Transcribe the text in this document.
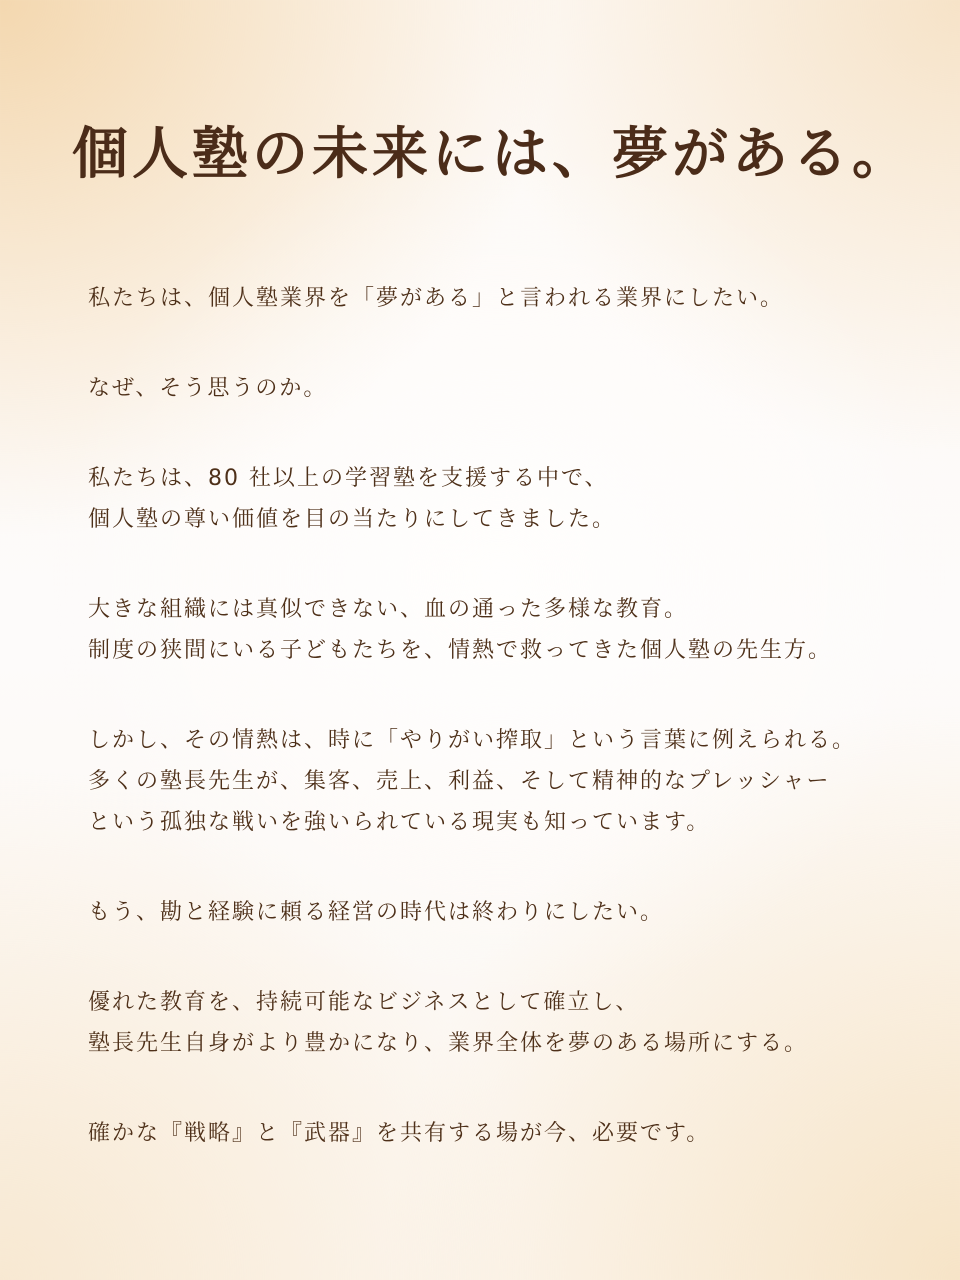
個人塾の未来には、夢がある。

私たちは、個人塾業界を「夢がある」と言われる業界にしたい。

なぜ、そう思うのか。

私たちは、80 社以上の学習塾を支援する中で、
個人塾の尊い価値を目の当たりにしてきました。

大きな組織には真似できない、血の通った多様な教育。
制度の狭間にいる子どもたちを、情熱で救ってきた個人塾の先生方。

しかし、その情熱は、時に「やりがい搾取」という言葉に例えられる。
多くの塾長先生が、集客、売上、利益、そして精神的なプレッシャー
という孤独な戦いを強いられている現実も知っています。

もう、勘と経験に頼る経営の時代は終わりにしたい。

優れた教育を、持続可能なビジネスとして確立し、
塾長先生自身がより豊かになり、業界全体を夢のある場所にする。

確かな『戦略』と『武器』を共有する場が今、必要です。
